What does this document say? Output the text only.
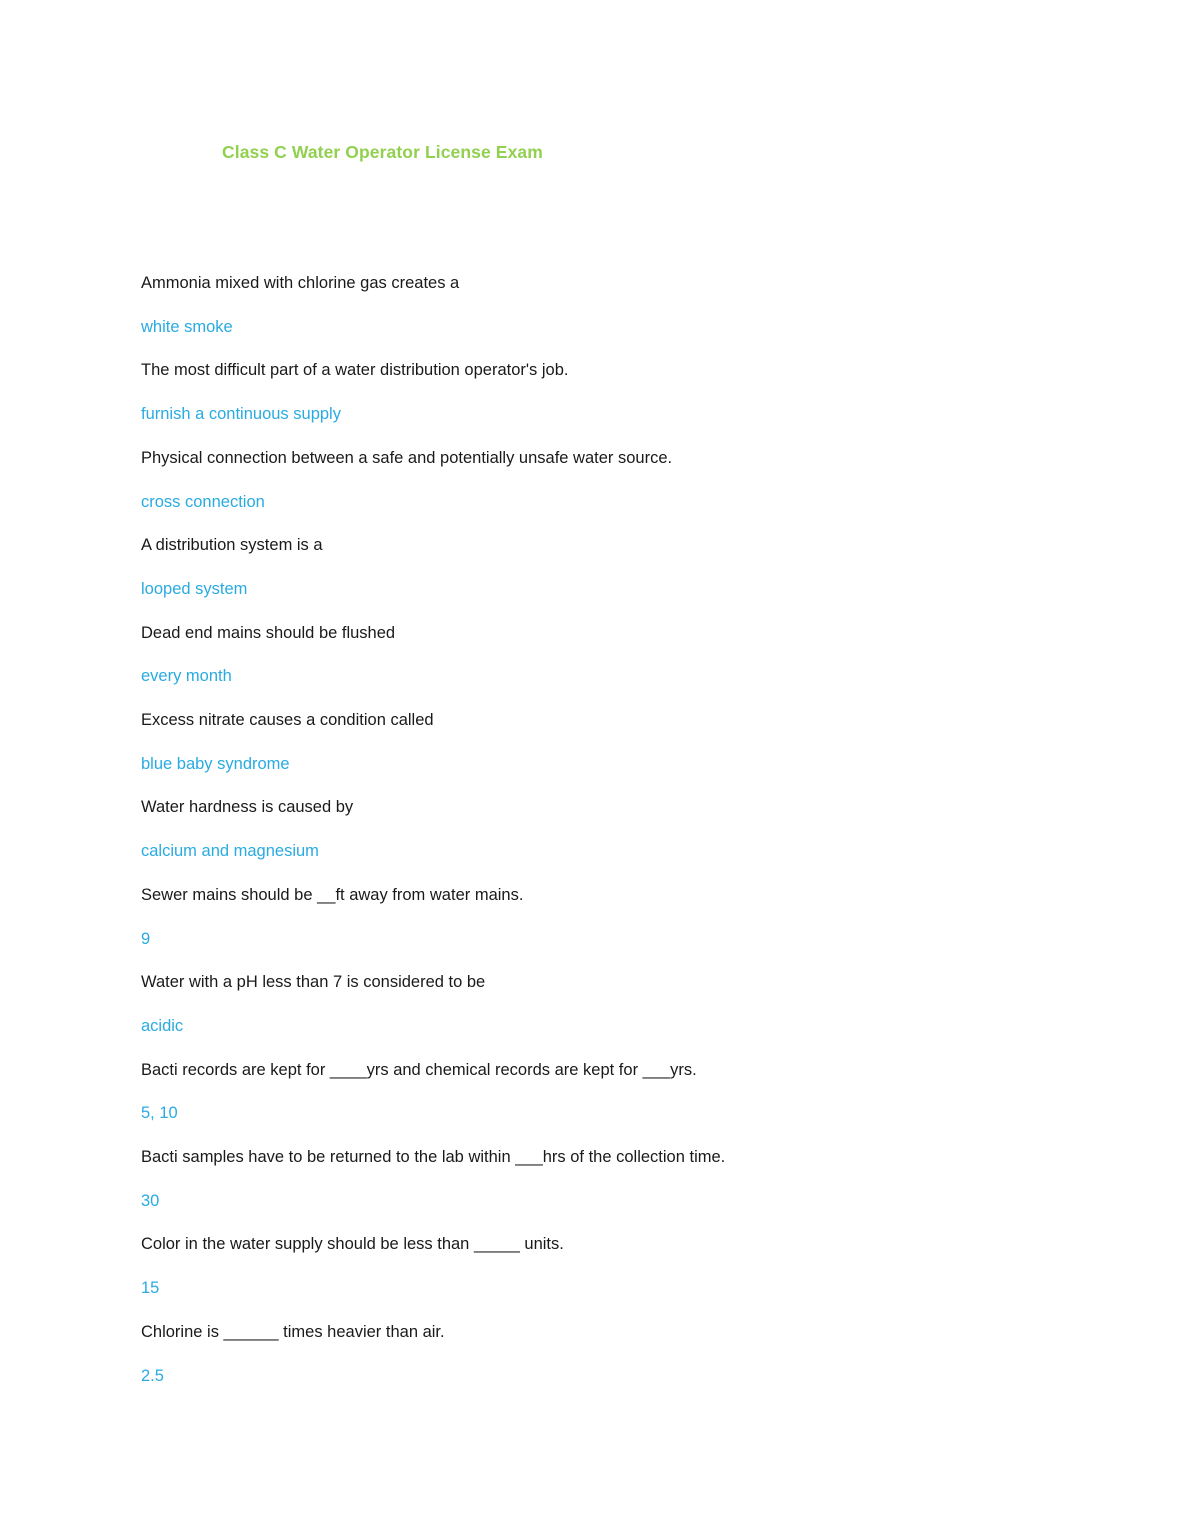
Class C Water Operator License Exam

Ammonia mixed with chlorine gas creates a

white smoke

The most difficult part of a water distribution operator's job.

furnish a continuous supply

Physical connection between a safe and potentially unsafe water source.

cross connection

A distribution system is a

looped system

Dead end mains should be flushed

every month

Excess nitrate causes a condition called

blue baby syndrome

Water hardness is caused by

calcium and magnesium

Sewer mains should be __ft away from water mains.

9

Water with a pH less than 7 is considered to be

acidic

Bacti records are kept for ____yrs and chemical records are kept for ___yrs.

5, 10

Bacti samples have to be returned to the lab within ___hrs of the collection time.

30

Color in the water supply should be less than _____ units.

15

Chlorine is ______ times heavier than air.

2.5
